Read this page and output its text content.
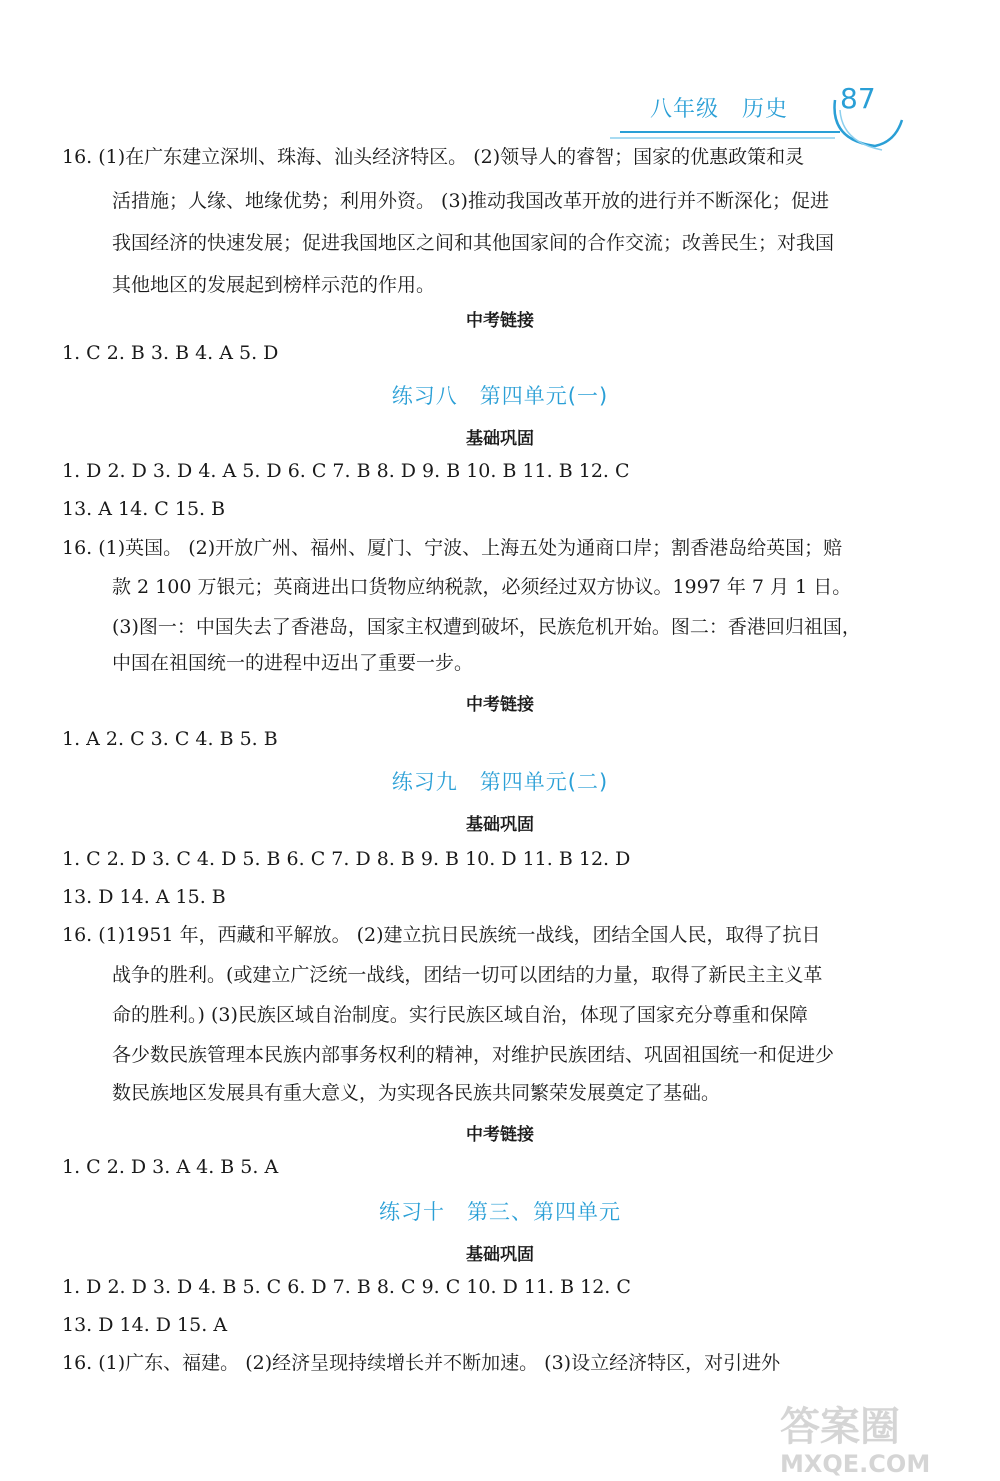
八年级　历史 87
16. (1)在广东建立深圳、珠海、汕头经济特区。 (2)领导人的睿智；国家的优惠政策和灵
活措施；人缘、地缘优势；利用外资。 (3)推动我国改革开放的进行并不断深化；促进
我国经济的快速发展；促进我国地区之间和其他国家间的合作交流；改善民生；对我国
其他地区的发展起到榜样示范的作用。
中考链接
1. C 2. B 3. B 4. A 5. D
练习八　第四单元(一)
基础巩固
1. D 2. D 3. D 4. A 5. D 6. C 7. B 8. D 9. B 10. B 11. B 12. C
13. A 14. C 15. B
16. (1)英国。 (2)开放广州、福州、厦门、宁波、上海五处为通商口岸；割香港岛给英国；赔
款 2 100 万银元；英商进出口货物应纳税款，必须经过双方协议。1997 年 7 月 1 日。
(3)图一：中国失去了香港岛，国家主权遭到破坏，民族危机开始。图二：香港回归祖国，
中国在祖国统一的进程中迈出了重要一步。
中考链接
1. A 2. C 3. C 4. B 5. B
练习九　第四单元(二)
基础巩固
1. C 2. D 3. C 4. D 5. B 6. C 7. D 8. B 9. B 10. D 11. B 12. D
13. D 14. A 15. B
16. (1)1951 年，西藏和平解放。 (2)建立抗日民族统一战线，团结全国人民，取得了抗日
战争的胜利。(或建立广泛统一战线，团结一切可以团结的力量，取得了新民主主义革
命的胜利。) (3)民族区域自治制度。实行民族区域自治，体现了国家充分尊重和保障
各少数民族管理本民族内部事务权利的精神，对维护民族团结、巩固祖国统一和促进少
数民族地区发展具有重大意义，为实现各民族共同繁荣发展奠定了基础。
中考链接
1. C 2. D 3. A 4. B 5. A
练习十　第三、第四单元
基础巩固
1. D 2. D 3. D 4. B 5. C 6. D 7. B 8. C 9. C 10. D 11. B 12. C
13. D 14. D 15. A
16. (1)广东、福建。 (2)经济呈现持续增长并不断加速。 (3)设立经济特区，对引进外
答案圈
MXQE.COM
